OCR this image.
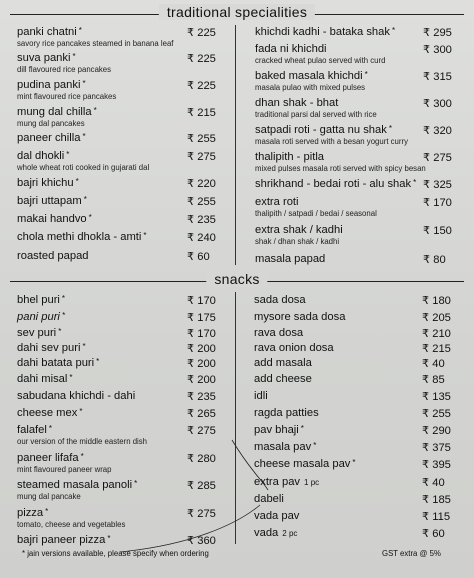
traditional specialities
snacks
panki chatni *	₹ 225
savory rice pancakes steamed in banana leaf
suva panki *	₹ 225
dill flavoured rice pancakes
pudina panki *	₹ 225
mint flavoured rice pancakes
mung dal chilla *	₹ 215
mung dal pancakes
paneer chilla *	₹ 255
dal dhokli *	₹ 275
whole wheat roti cooked in gujarati dal
bajri khichu *	₹ 220
bajri uttapam *	₹ 255
makai handvo *	₹ 235
chola methi dhokla - amti *	₹ 240
roasted papad	₹ 60
khichdi kadhi - bataka shak * ₹ 295
fada ni khichdi	₹ 300
cracked wheat pulao served with curd
baked masala khichdi *	₹ 315
masala pulao with mixed pulses
dhan shak - bhat	₹ 300
traditional parsi dal served with rice
satpadi roti - gatta nu shak *	₹ 320
masala roti served with a besan yogurt curry
thalipith - pitla	₹ 275
mixed pulses masala roti served with spicy besan
shrikhand - bedai roti - alu shak * ₹ 325
extra roti	₹ 170
thalipith / satpadi / bedai / seasonal
extra shak / kadhi	₹ 150
shak / dhan shak / kadhi
masala papad	₹ 80
bhel puri *	₹ 170
pani puri *	₹ 175
sev puri *	₹ 170
dahi sev puri *	₹ 200
dahi batata puri *	₹ 200
dahi misal *	₹ 200
sabudana khichdi - dahi	₹ 235
cheese mex *	₹ 265
falafel *	₹ 275
our version of the middle eastern dish
paneer lifafa *	₹ 280
mint flavoured paneer wrap
steamed masala panoli *	₹ 285
mung dal pancake
pizza *	₹ 275
tomato, cheese and vegetables
bajri paneer pizza *	₹ 360
sada dosa	₹ 180
mysore sada dosa	₹ 205
rava dosa	₹ 210
rava onion dosa	₹ 215
add masala	₹ 40
add cheese	₹ 85
idli	₹ 135
ragda patties	₹ 255
pav bhaji *	₹ 290
masala pav *	₹ 375
cheese masala pav *	₹ 395
extra pav 1 pc	₹ 40
dabeli	₹ 185
vada pav	₹ 115
vada 2 pc	₹ 60
* jain versions available, please specify when ordering	GST extra @ 5%
